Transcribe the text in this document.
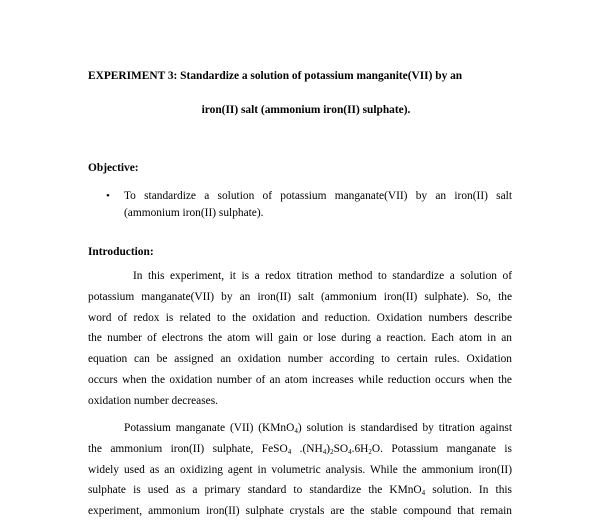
EXPERIMENT 3: Standardize a solution of potassium manganite(VII) by an
iron(II) salt (ammonium iron(II) sulphate).
Objective:
• To standardize a solution of potassium manganate(VII) by an iron(II) salt
(ammonium iron(II) sulphate).
Introduction:
In this experiment, it is a redox titration method to standardize a solution of
potassium manganate(VII) by an iron(II) salt (ammonium iron(II) sulphate). So, the
word of redox is related to the oxidation and reduction. Oxidation numbers describe
the number of electrons the atom will gain or lose during a reaction. Each atom in an
equation can be assigned an oxidation number according to certain rules. Oxidation
occurs when the oxidation number of an atom increases while reduction occurs when the
oxidation number decreases.
Potassium manganate (VII) (KMnO$_4$) solution is standardised by titration against
the ammonium iron(II) sulphate, FeSO$_4$ $.(NH_4)_2SO_4.6H_2O$. Potassium manganate is
widely used as an oxidizing agent in volumetric analysis. While the ammonium iron(II)
sulphate is used as a primary standard to standardize the KMnO$_4$ solution. In this
experiment, ammonium iron(II) sulphate crystals are the stable compound that remain
